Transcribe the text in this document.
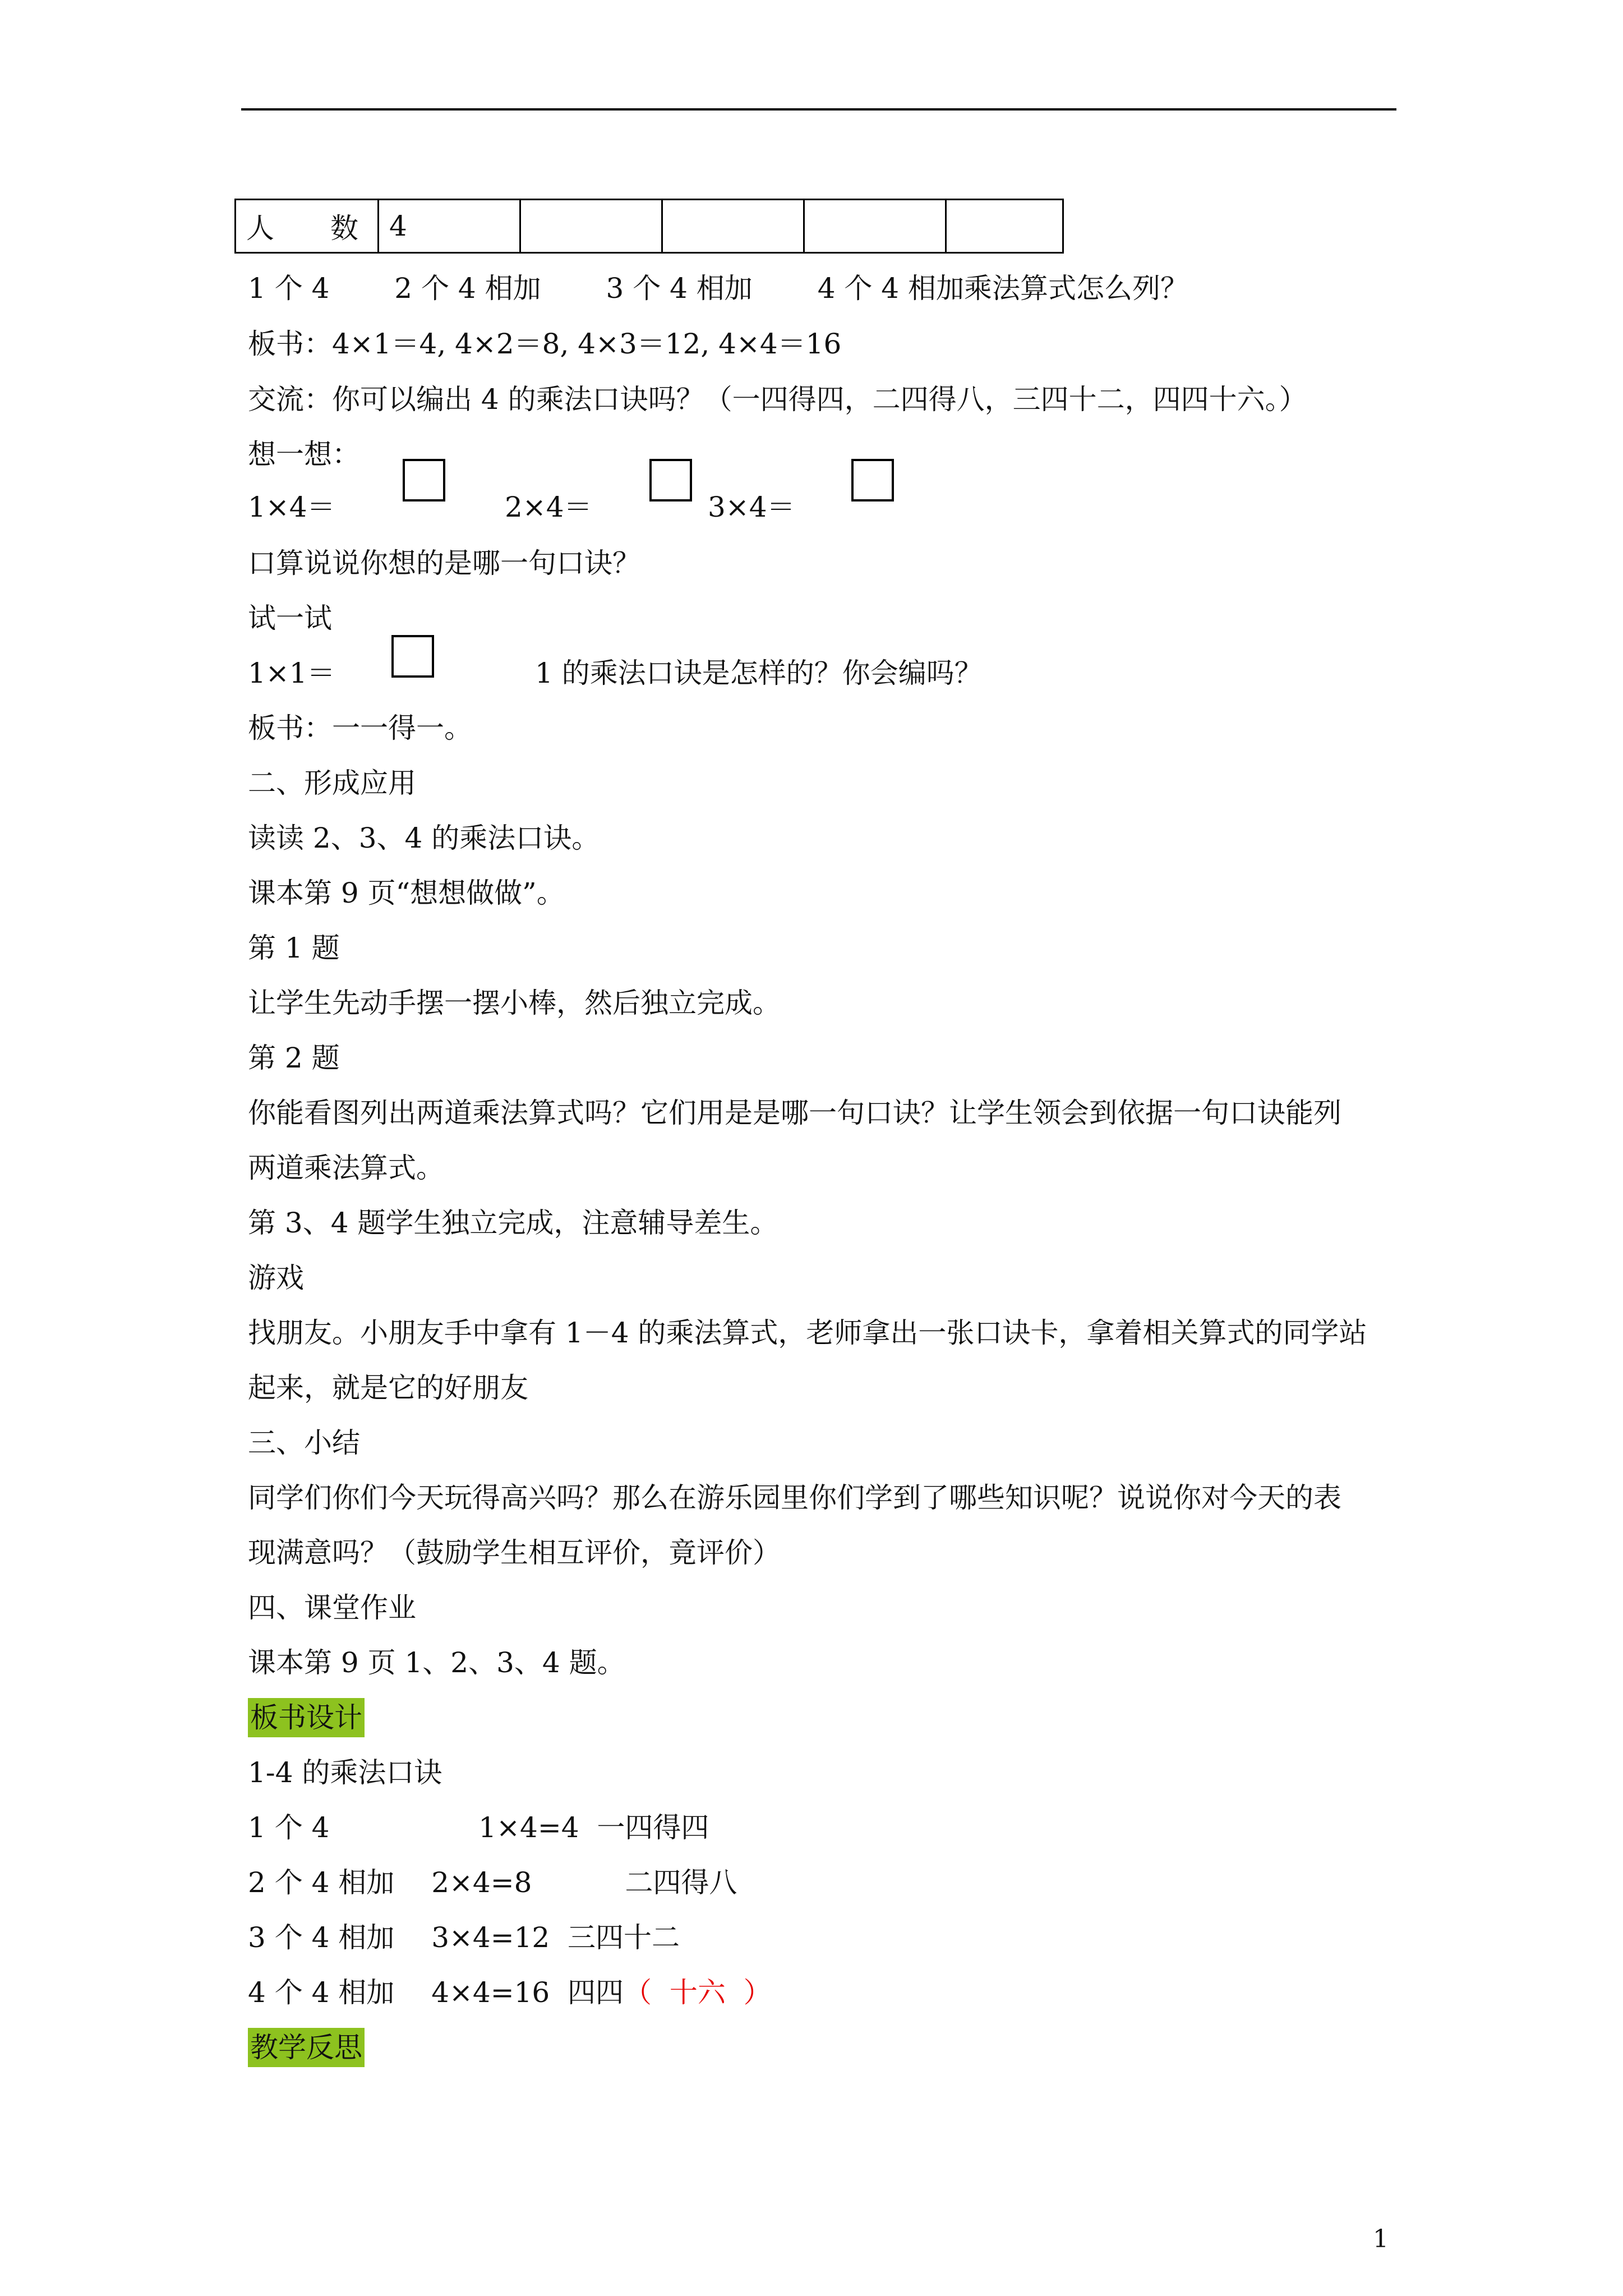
人　　数	4				
1 个 4　　 2 个 4 相加　　 3 个 4 相加　　 4 个 4 相加乘法算式怎么列？
板书：4×1＝4, 4×2＝8, 4×3＝12, 4×4＝16
交流：你可以编出 4 的乘法口诀吗？（一四得四，二四得八，三四十二，四四十六。）
想一想：
1×4＝	2×4＝	3×4＝
口算说说你想的是哪一句口诀？
试一试
1×1＝	1 的乘法口诀是怎样的？你会编吗？
板书：一一得一。
二、形成应用
读读 2、3、4 的乘法口诀。
课本第 9 页“想想做做”。
第 1 题
让学生先动手摆一摆小棒，然后独立完成。
第 2 题
你能看图列出两道乘法算式吗？它们用是是哪一句口诀？让学生领会到依据一句口诀能列
两道乘法算式。
第 3、4 题学生独立完成，注意辅导差生。
游戏
找朋友。小朋友手中拿有 1－4 的乘法算式，老师拿出一张口诀卡，拿着相关算式的同学站
起来，就是它的好朋友
三、小结
同学们你们今天玩得高兴吗？那么在游乐园里你们学到了哪些知识呢？说说你对今天的表
现满意吗？（鼓励学生相互评价，竟评价）
四、课堂作业
课本第 9 页 1、2、3、4 题。
板书设计
1-4 的乘法口诀
1 个 4　　　　　 1×4=4  一四得四
2 个 4 相加　 2×4=8　　　 二四得八
3 个 4 相加　 3×4=12  三四十二
4 个 4 相加　 4×4=16  四四（  十六  ）
教学反思
1
